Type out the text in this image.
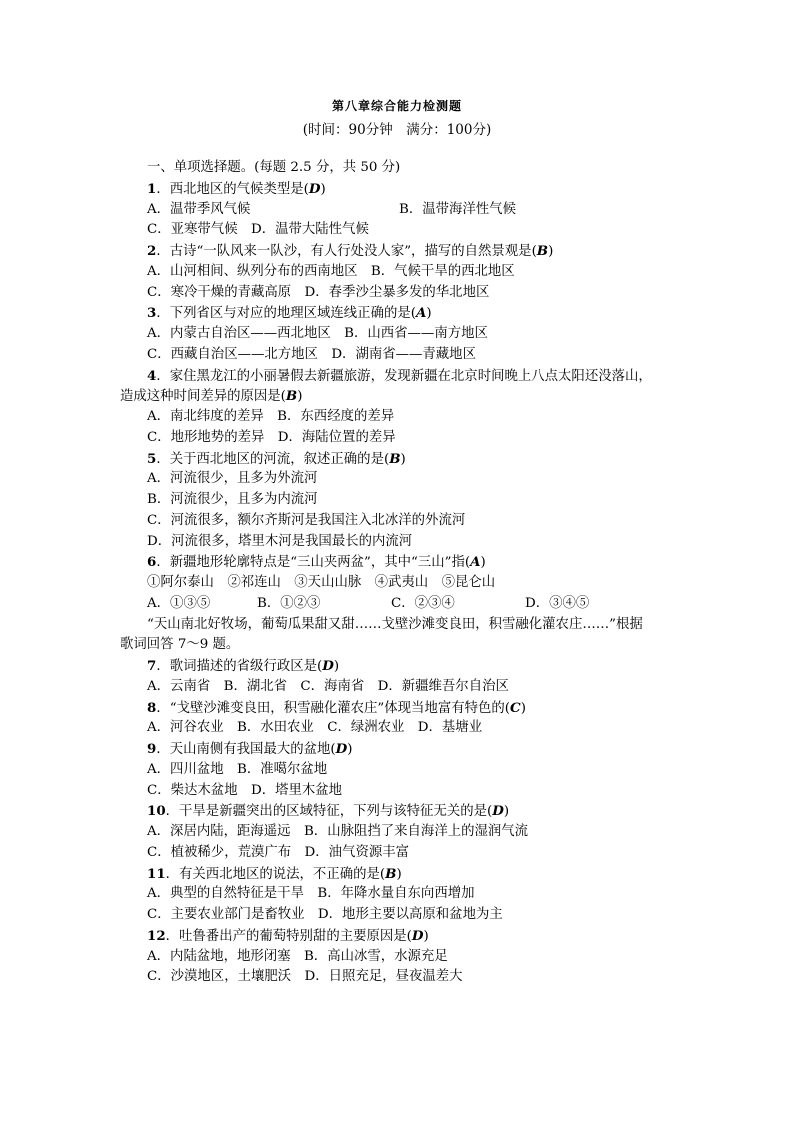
第八章综合能力检测题
(时间：90分钟　满分：100分)
一、单项选择题。(每题 2.5 分，共 50 分)
1．西北地区的气候类型是(D)
A．温带季风气候	B．温带海洋性气候
C．亚寒带气候　D．温带大陆性气候
2．古诗“一队风来一队沙，有人行处没人家”，描写的自然景观是(B)
A．山河相间、纵列分布的西南地区　B．气候干旱的西北地区
C．寒冷干燥的青藏高原　D．春季沙尘暴多发的华北地区
3．下列省区与对应的地理区域连线正确的是(A)
A．内蒙古自治区——西北地区　B．山西省——南方地区
C．西藏自治区——北方地区　D．湖南省——青藏地区
4．家住黑龙江的小丽暑假去新疆旅游，发现新疆在北京时间晚上八点太阳还没落山，
造成这种时间差异的原因是(B)
A．南北纬度的差异　B．东西经度的差异
C．地形地势的差异　D．海陆位置的差异
5．关于西北地区的河流，叙述正确的是(B)
A．河流很少，且多为外流河
B．河流很少，且多为内流河
C．河流很多，额尔齐斯河是我国注入北冰洋的外流河
D．河流很多，塔里木河是我国最长的内流河
6．新疆地形轮廓特点是“三山夹两盆”，其中“三山”指(A)
①阿尔泰山　②祁连山　③天山山脉　④武夷山　⑤昆仑山
A．①③⑤	B．①②③	C．②③④	D．③④⑤
“天山南北好牧场，葡萄瓜果甜又甜……戈壁沙滩变良田，积雪融化灌农庄……”根据
歌词回答 7～9 题。
7．歌词描述的省级行政区是(D)
A．云南省　B．湖北省　C．海南省　D．新疆维吾尔自治区
8．“戈壁沙滩变良田，积雪融化灌农庄”体现当地富有特色的(C)
A．河谷农业　B．水田农业　C．绿洲农业　D．基塘业
9．天山南侧有我国最大的盆地(D)
A．四川盆地　B．准噶尔盆地
C．柴达木盆地　D．塔里木盆地
10．干旱是新疆突出的区域特征，下列与该特征无关的是(D)
A．深居内陆，距海遥远　B．山脉阻挡了来自海洋上的湿润气流
C．植被稀少，荒漠广布　D．油气资源丰富
11．有关西北地区的说法，不正确的是(B)
A．典型的自然特征是干旱　B．年降水量自东向西增加
C．主要农业部门是畜牧业　D．地形主要以高原和盆地为主
12．吐鲁番出产的葡萄特别甜的主要原因是(D)
A．内陆盆地，地形闭塞　B．高山冰雪，水源充足
C．沙漠地区，土壤肥沃　D．日照充足，昼夜温差大
